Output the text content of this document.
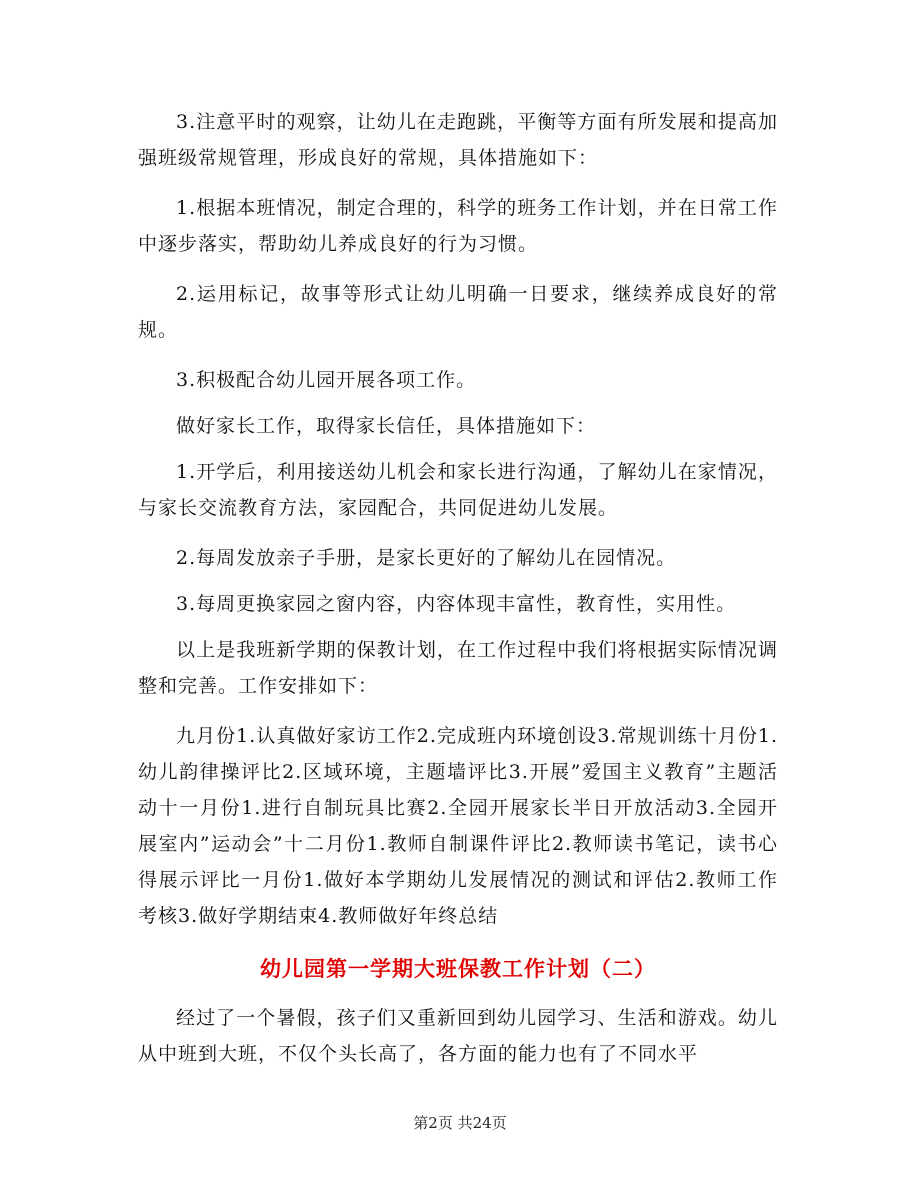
3.注意平时的观察，让幼儿在走跑跳，平衡等方面有所发展和提高加强班级常规管理，形成良好的常规，具体措施如下：

1.根据本班情况，制定合理的，科学的班务工作计划，并在日常工作中逐步落实，帮助幼儿养成良好的行为习惯。

2.运用标记，故事等形式让幼儿明确一日要求，继续养成良好的常规。

3.积极配合幼儿园开展各项工作。

做好家长工作，取得家长信任，具体措施如下：

1.开学后，利用接送幼儿机会和家长进行沟通，了解幼儿在家情况，与家长交流教育方法，家园配合，共同促进幼儿发展。

2.每周发放亲子手册，是家长更好的了解幼儿在园情况。

3.每周更换家园之窗内容，内容体现丰富性，教育性，实用性。

以上是我班新学期的保教计划，在工作过程中我们将根据实际情况调整和完善。工作安排如下：

九月份1.认真做好家访工作2.完成班内环境创设3.常规训练十月份1.幼儿韵律操评比2.区域环境，主题墙评比3.开展”爱国主义教育”主题活动十一月份1.进行自制玩具比赛2.全园开展家长半日开放活动3.全园开展室内”运动会”十二月份1.教师自制课件评比2.教师读书笔记，读书心得展示评比一月份1.做好本学期幼儿发展情况的测试和评估2.教师工作考核3.做好学期结束4.教师做好年终总结

幼儿园第一学期大班保教工作计划（二）

经过了一个暑假，孩子们又重新回到幼儿园学习、生活和游戏。幼儿从中班到大班，不仅个头长高了，各方面的能力也有了不同水平

第2页 共24页
